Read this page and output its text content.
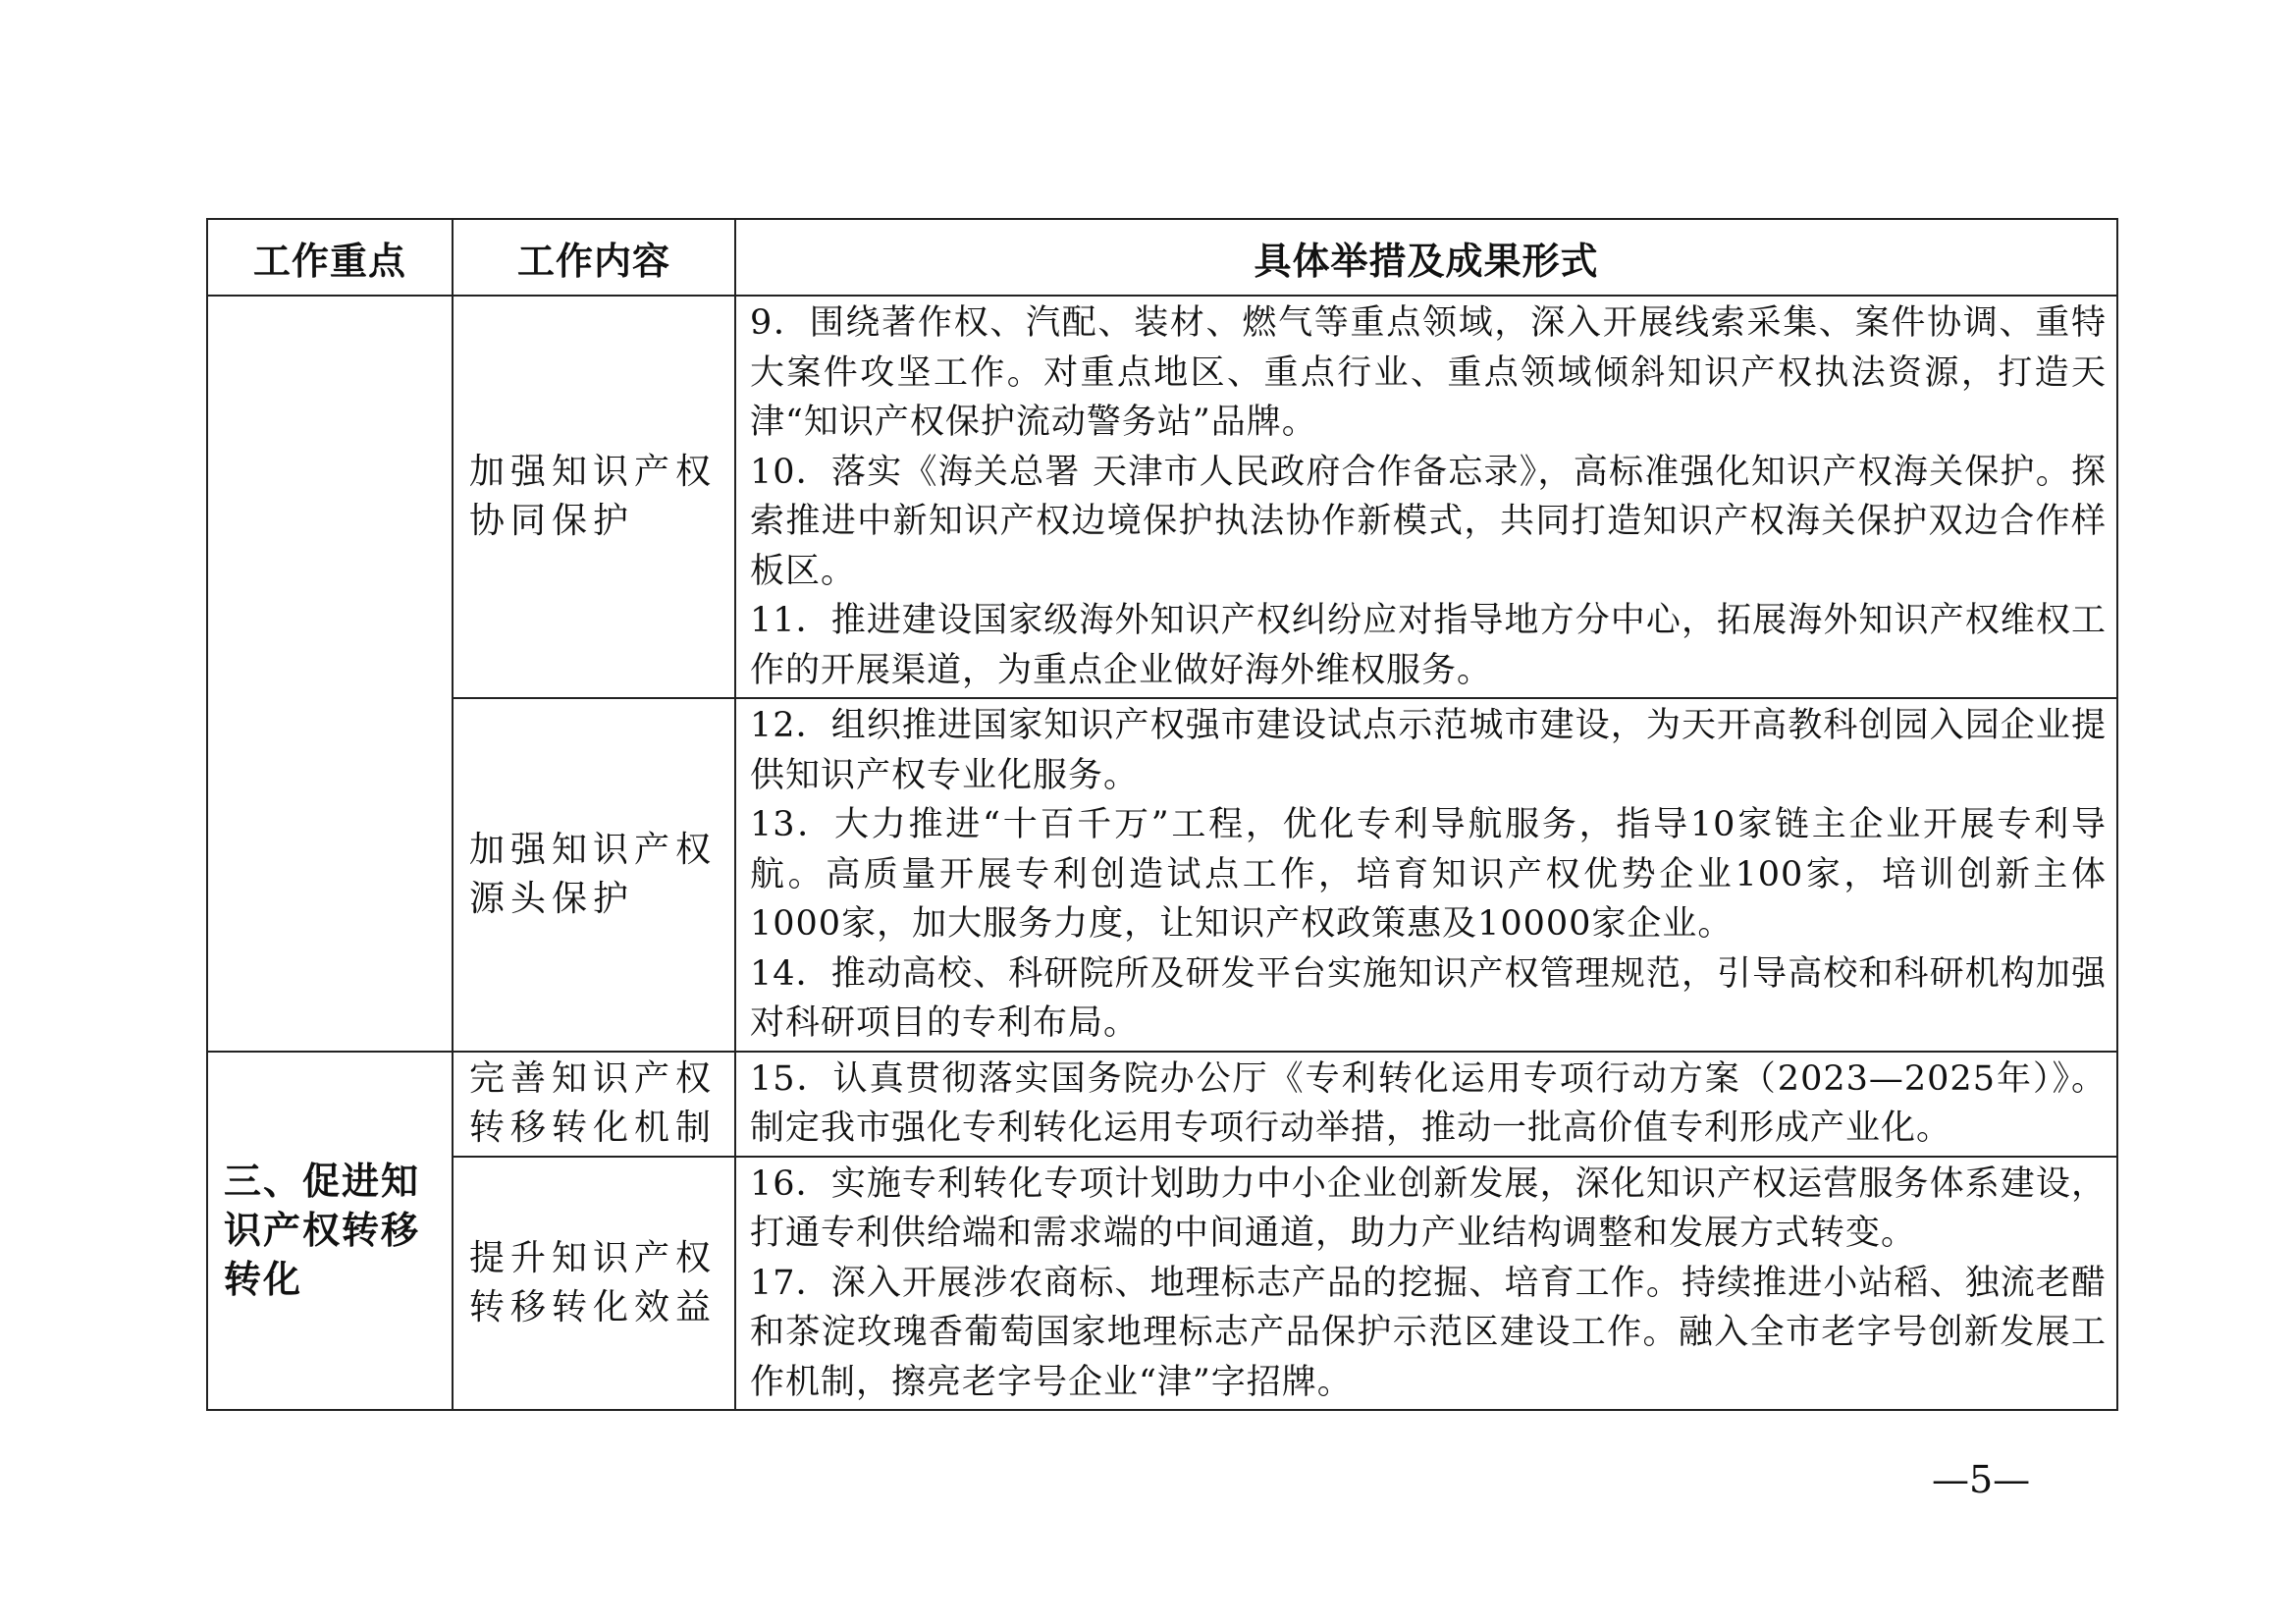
工作重点	工作内容	具体举措及成果形式
	加强知识产权协同保护	9．围绕著作权、汽配、装材、燃气等重点领域，深入开展线索采集、案件协调、重特大案件攻坚工作。对重点地区、重点行业、重点领域倾斜知识产权执法资源，打造天津“知识产权保护流动警务站”品牌。
10．落实《海关总署 天津市人民政府合作备忘录》，高标准强化知识产权海关保护。探索推进中新知识产权边境保护执法协作新模式，共同打造知识产权海关保护双边合作样板区。
11．推进建设国家级海外知识产权纠纷应对指导地方分中心，拓展海外知识产权维权工作的开展渠道，为重点企业做好海外维权服务。

	加强知识产权源头保护	12．组织推进国家知识产权强市建设试点示范城市建设，为天开高教科创园入园企业提供知识产权专业化服务。
13．大力推进“十百千万”工程，优化专利导航服务，指导10家链主企业开展专利导航。高质量开展专利创造试点工作，培育知识产权优势企业100家，培训创新主体1000家，加大服务力度，让知识产权政策惠及10000家企业。
14．推动高校、科研院所及研发平台实施知识产权管理规范，引导高校和科研机构加强对科研项目的专利布局。

三、促进知识产权转移转化	完善知识产权转移转化机制	15．认真贯彻落实国务院办公厅《专利转化运用专项行动方案（2023—2025年）》。制定我市强化专利转化运用专项行动举措，推动一批高价值专利形成产业化。

	提升知识产权转移转化效益	16．实施专利转化专项计划助力中小企业创新发展，深化知识产权运营服务体系建设，打通专利供给端和需求端的中间通道，助力产业结构调整和发展方式转变。
17．深入开展涉农商标、地理标志产品的挖掘、培育工作。持续推进小站稻、独流老醋和茶淀玫瑰香葡萄国家地理标志产品保护示范区建设工作。融入全市老字号创新发展工作机制，擦亮老字号企业“津”字招牌。
—5—
